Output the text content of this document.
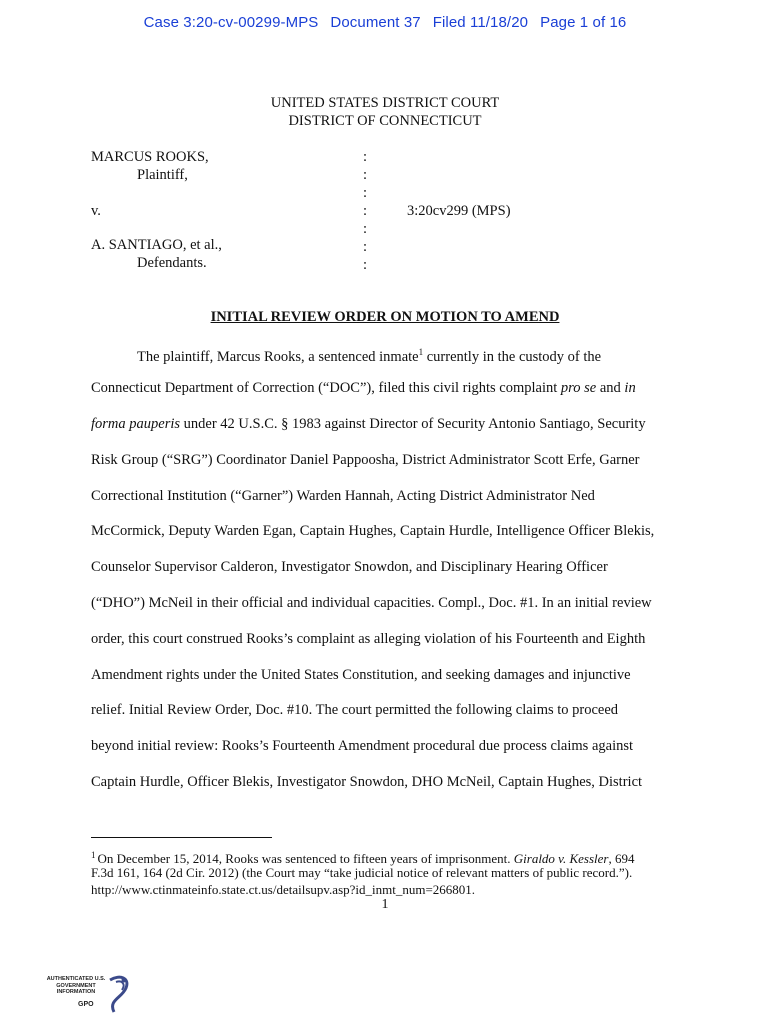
Case 3:20-cv-00299-MPS Document 37 Filed 11/18/20 Page 1 of 16
UNITED STATES DISTRICT COURT
DISTRICT OF CONNECTICUT
MARCUS ROOKS,
Plaintiff,
v.
A. SANTIAGO, et al.,
Defendants.
:
:
:
:
:
:
:
3:20cv299 (MPS)
INITIAL REVIEW ORDER ON MOTION TO AMEND
The plaintiff, Marcus Rooks, a sentenced inmate$^1$ currently in the custody of the
Connecticut Department of Correction (“DOC”), filed this civil rights complaint pro se and in
forma pauperis under 42 U.S.C. § 1983 against Director of Security Antonio Santiago, Security
Risk Group (“SRG”) Coordinator Daniel Pappoosha, District Administrator Scott Erfe, Garner
Correctional Institution (“Garner”) Warden Hannah, Acting District Administrator Ned
McCormick, Deputy Warden Egan, Captain Hughes, Captain Hurdle, Intelligence Officer Blekis,
Counselor Supervisor Calderon, Investigator Snowdon, and Disciplinary Hearing Officer
(“DHO”) McNeil in their official and individual capacities. Compl., Doc. #1. In an initial review
order, this court construed Rooks’s complaint as alleging violation of his Fourteenth and Eighth
Amendment rights under the United States Constitution, and seeking damages and injunctive
relief. Initial Review Order, Doc. #10. The court permitted the following claims to proceed
beyond initial review: Rooks’s Fourteenth Amendment procedural due process claims against
Captain Hurdle, Officer Blekis, Investigator Snowdon, DHO McNeil, Captain Hughes, District
$^1$ On December 15, 2014, Rooks was sentenced to fifteen years of imprisonment. Giraldo v. Kessler, 694
F.3d 161, 164 (2d Cir. 2012) (the Court may “take judicial notice of relevant matters of public record.”).
http://www.ctinmateinfo.state.ct.us/detailsupv.asp?id_inmt_num=266801.
1
AUTHENTICATED U.S. GOVERNMENT INFORMATION
GPO
